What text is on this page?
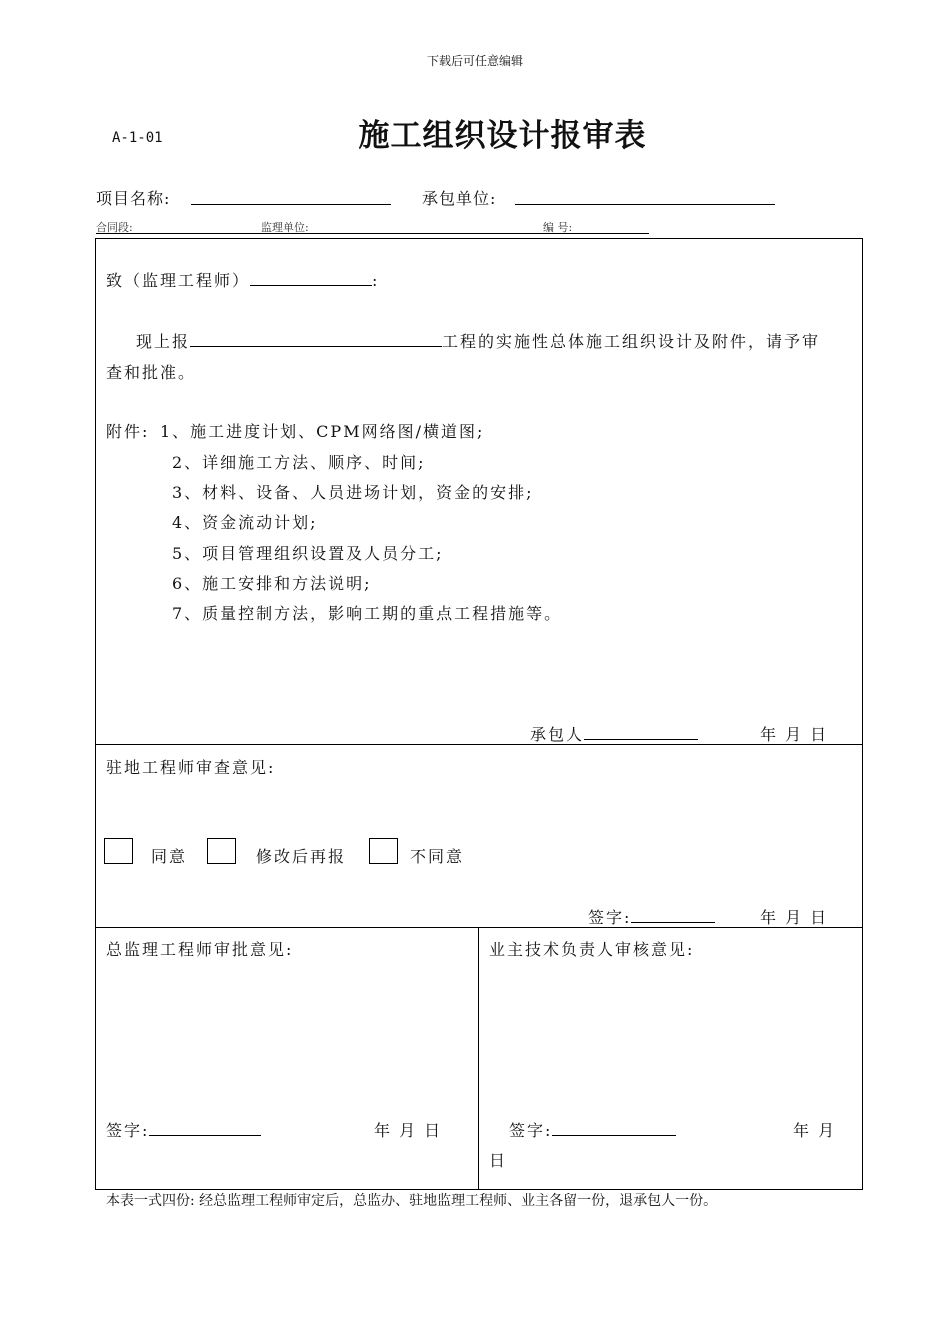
下载后可任意编辑
A-1-01	施工组织设计报审表
项目名称:	承包单位:
合同段:	监理单位:	编 号:
致（监理工程师）	:
现上报	工程的实施性总体施工组织设计及附件，请予审
查和批准。
附件: 1、施工进度计划、CPM网络图/横道图;
2、详细施工方法、顺序、时间;
3、材料、设备、人员进场计划，资金的安排;
4、资金流动计划;
5、项目管理组织设置及人员分工;
6、施工安排和方法说明;
7、质量控制方法，影响工期的重点工程措施等。
承包人	年 月 日
驻地工程师审查意见:
同意	修改后再报	不同意
签字:	年 月 日
总监理工程师审批意见:
签字:	年 月 日
业主技术负责人审核意见:
签字:	年 月
日
本表一式四份: 经总监理工程师审定后，总监办、驻地监理工程师、业主各留一份，退承包人一份。
